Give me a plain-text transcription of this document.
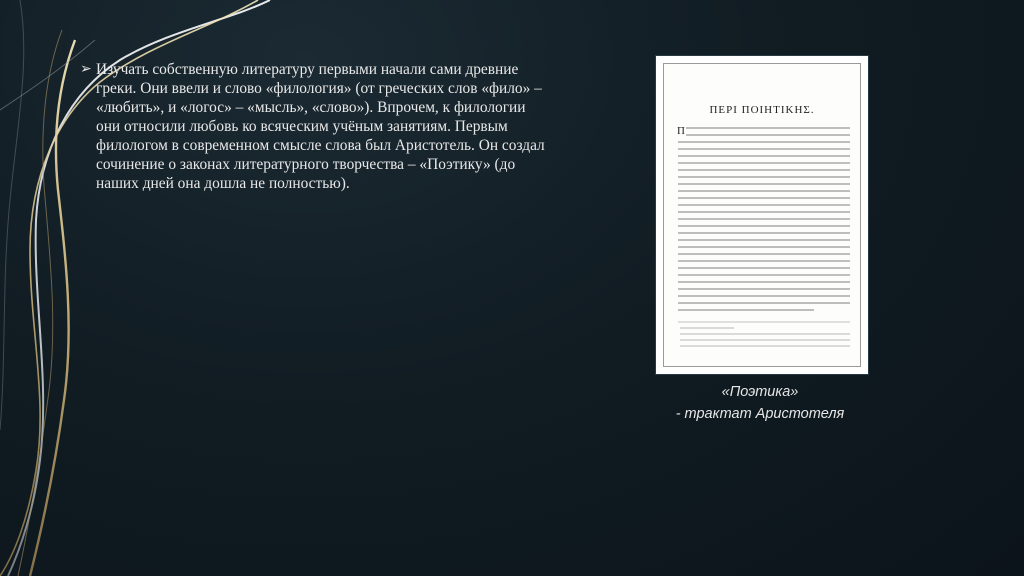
➢ Изучать собственную литературу первыми начали сами древние греки. Они ввели и слово «филология» (от греческих слов «фило» – «любить», и «логос» – «мысль», «слово»). Впрочем, к филологии они относили любовь ко всяческим учёным занятиям. Первым филологом в современном смысле слова был Аристотель. Он создал сочинение о законах литературного творчества – «Поэтику» (до наших дней она дошла не полностью).

Π
ΠΕΡΙ ΠΟΙΗΤΙΚΗΣ.
«Поэтика»
- трактат Аристотеля
